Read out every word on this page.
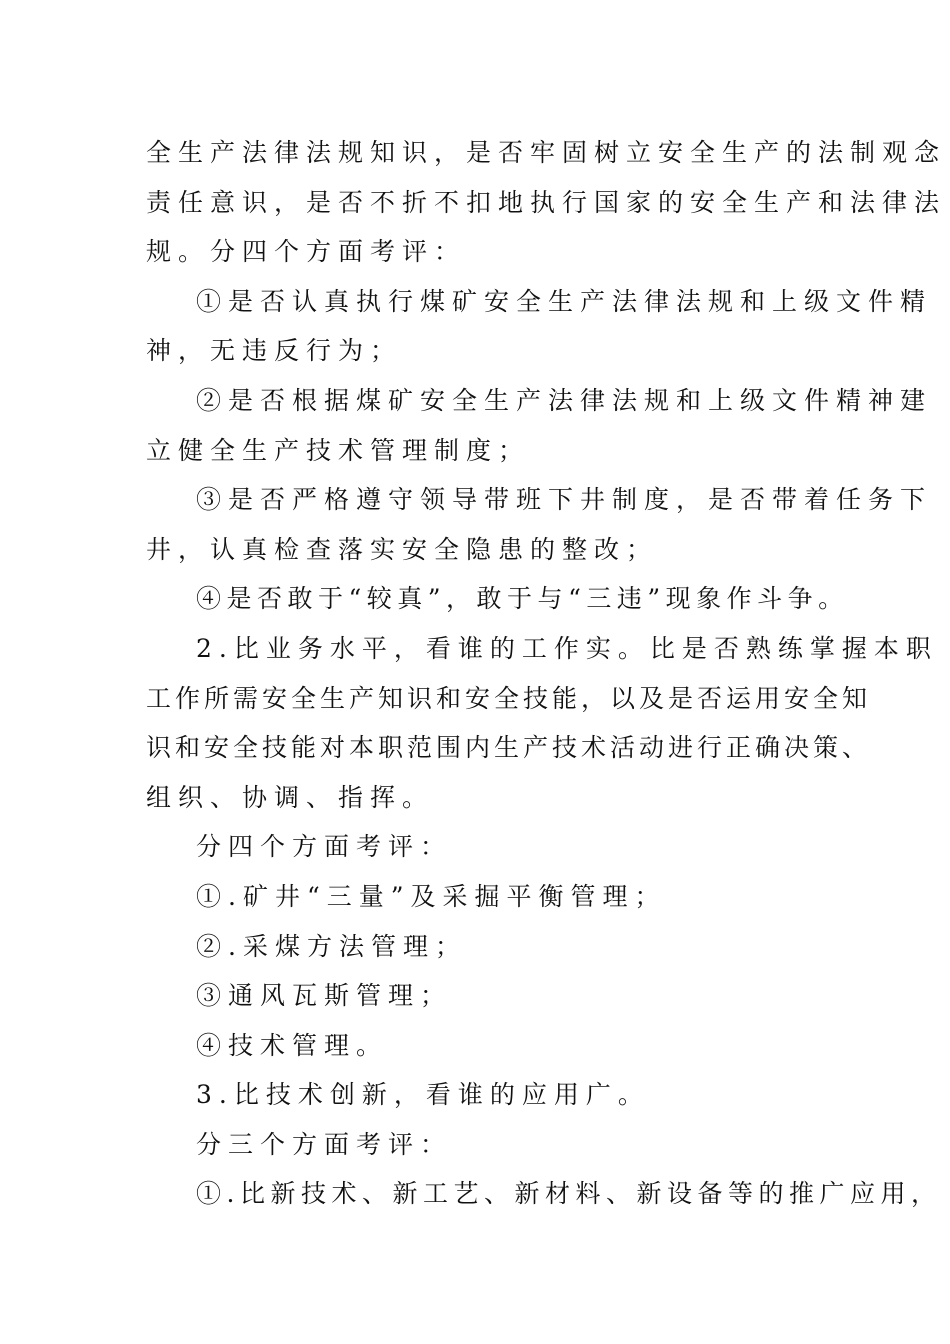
全生产法律法规知识，是否牢固树立安全生产的法制观念
责任意识，是否不折不扣地执行国家的安全生产和法律法
规。分四个方面考评：
①是否认真执行煤矿安全生产法律法规和上级文件精
神，无违反行为；
②是否根据煤矿安全生产法律法规和上级文件精神建
立健全生产技术管理制度；
③是否严格遵守领导带班下井制度，是否带着任务下
井，认真检查落实安全隐患的整改；
④是否敢于“较真”，敢于与“三违”现象作斗争。
2.比业务水平，看谁的工作实。比是否熟练掌握本职
工作所需安全生产知识和安全技能，以及是否运用安全知
识和安全技能对本职范围内生产技术活动进行正确决策、
组织、协调、指挥。
分四个方面考评：
①.矿井“三量”及采掘平衡管理；
②.采煤方法管理；
③通风瓦斯管理；
④技术管理。
3.比技术创新，看谁的应用广。
分三个方面考评：
①.比新技术、新工艺、新材料、新设备等的推广应用，
